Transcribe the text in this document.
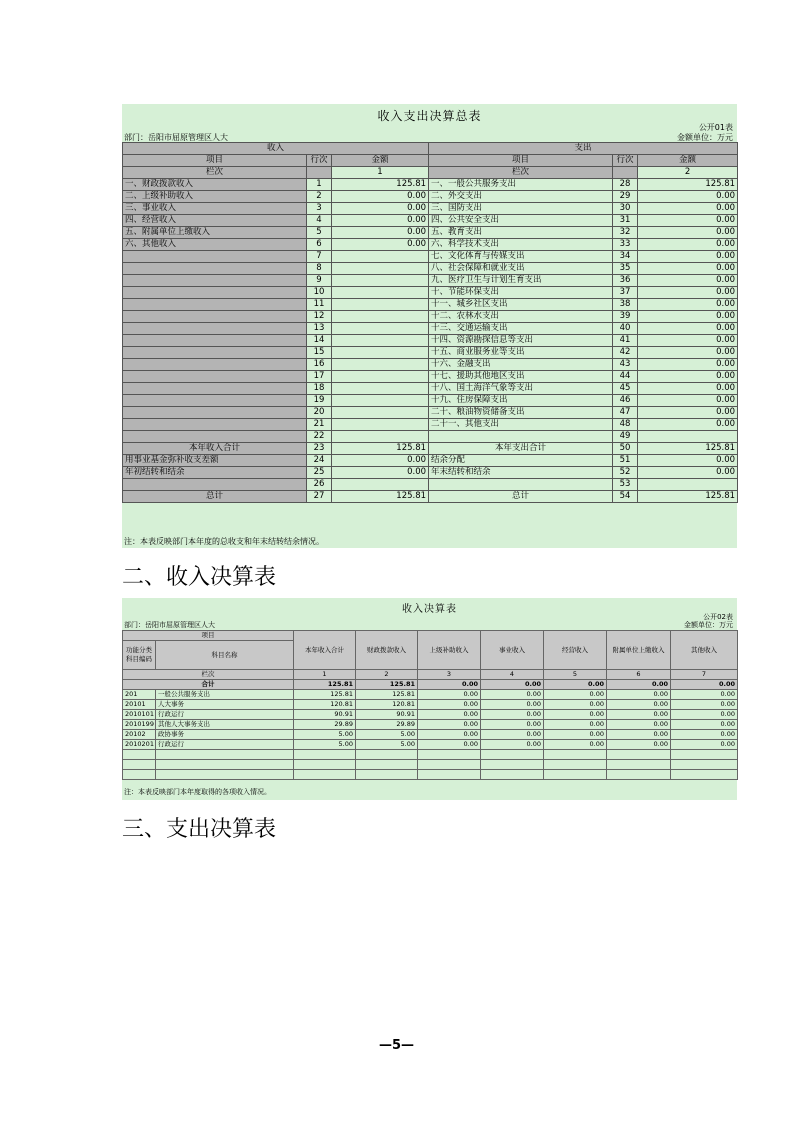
收入支出决算总表
公开01表
部门：岳阳市屈原管理区人大	金额单位：万元
收入			支出		
项目	行次	金额	项目	行次	金额
栏次		1	栏次		2
一、财政拨款收入	1	125.81	一、一般公共服务支出	28	125.81
二、上级补助收入	2	0.00	二、外交支出	29	0.00
三、事业收入	3	0.00	三、国防支出	30	0.00
四、经营收入	4	0.00	四、公共安全支出	31	0.00
五、附属单位上缴收入	5	0.00	五、教育支出	32	0.00
六、其他收入	6	0.00	六、科学技术支出	33	0.00
	7		七、文化体育与传媒支出	34	0.00
	8		八、社会保障和就业支出	35	0.00
	9		九、医疗卫生与计划生育支出	36	0.00
	10		十、节能环保支出	37	0.00
	11		十一、城乡社区支出	38	0.00
	12		十二、农林水支出	39	0.00
	13		十三、交通运输支出	40	0.00
	14		十四、资源勘探信息等支出	41	0.00
	15		十五、商业服务业等支出	42	0.00
	16		十六、金融支出	43	0.00
	17		十七、援助其他地区支出	44	0.00
	18		十八、国土海洋气象等支出	45	0.00
	19		十九、住房保障支出	46	0.00
	20		二十、粮油物资储备支出	47	0.00
	21		二十一、其他支出	48	0.00
	22			49	
本年收入合计	23	125.81	本年支出合计	50	125.81
用事业基金弥补收支差额	24	0.00	结余分配	51	0.00
年初结转和结余	25	0.00	年末结转和结余	52	0.00
	26			53	
总计	27	125.81	总计	54	125.81
注：本表反映部门本年度的总收支和年末结转结余情况。
二、收入决算表
收入决算表
公开02表
部门：岳阳市屈原管理区人大	金额单位：万元
项目		本年收入合计	财政拨款收入	上级补助收入	事业收入	经营收入	附属单位上缴收入	其他收入
功能分类科目编码	科目名称							
栏次		1	2	3	4	5	6	7
合计		125.81	125.81	0.00	0.00	0.00	0.00	0.00
201	一般公共服务支出	125.81	125.81	0.00	0.00	0.00	0.00	0.00
20101	人大事务	120.81	120.81	0.00	0.00	0.00	0.00	0.00
2010101	行政运行	90.91	90.91	0.00	0.00	0.00	0.00	0.00
2010199	其他人大事务支出	29.89	29.89	0.00	0.00	0.00	0.00	0.00
20102	政协事务	5.00	5.00	0.00	0.00	0.00	0.00	0.00
2010201	行政运行	5.00	5.00	0.00	0.00	0.00	0.00	0.00

注：本表反映部门本年度取得的各项收入情况。
三、支出决算表
—5—
